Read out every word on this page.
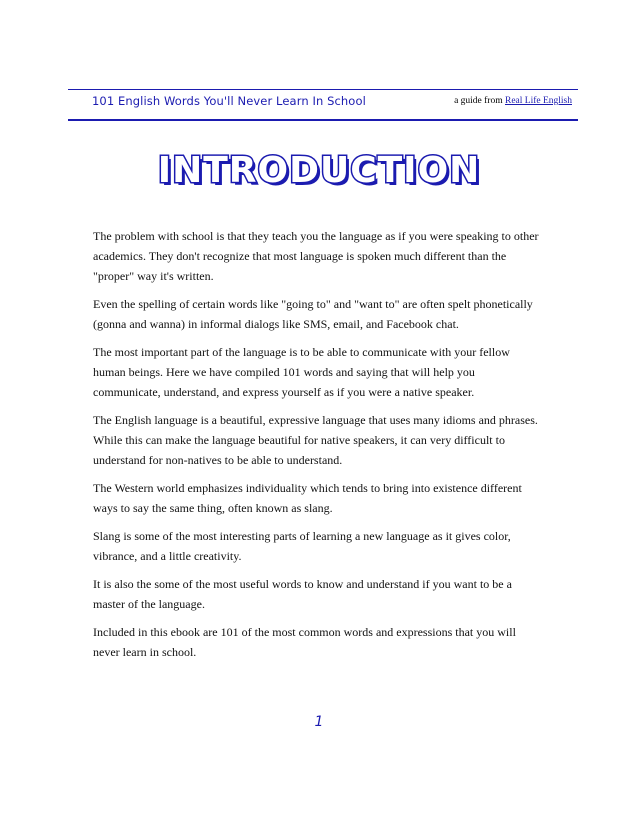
101 English Words You'll Never Learn In School	a guide from Real Life English
INTRODUCTION

The problem with school is that they teach you the language as if you were speaking to other academics. They don't recognize that most language is spoken much different than the "proper" way it's written.

Even the spelling of certain words like "going to" and "want to" are often spelt phonetically (gonna and wanna) in informal dialogs like SMS, email, and Facebook chat.

The most important part of the language is to be able to communicate with your fellow human beings. Here we have compiled 101 words and saying that will help you communicate, understand, and express yourself as if you were a native speaker.

The English language is a beautiful, expressive language that uses many idioms and phrases. While this can make the language beautiful for native speakers, it can very difficult to understand for non-natives to be able to understand.

The Western world emphasizes individuality which tends to bring into existence different ways to say the same thing, often known as slang.

Slang is some of the most interesting parts of learning a new language as it gives color, vibrance, and a little creativity.

It is also the some of the most useful words to know and understand if you want to be a master of the language.

Included in this ebook are 101 of the most common words and expressions that you will never learn in school.

1
